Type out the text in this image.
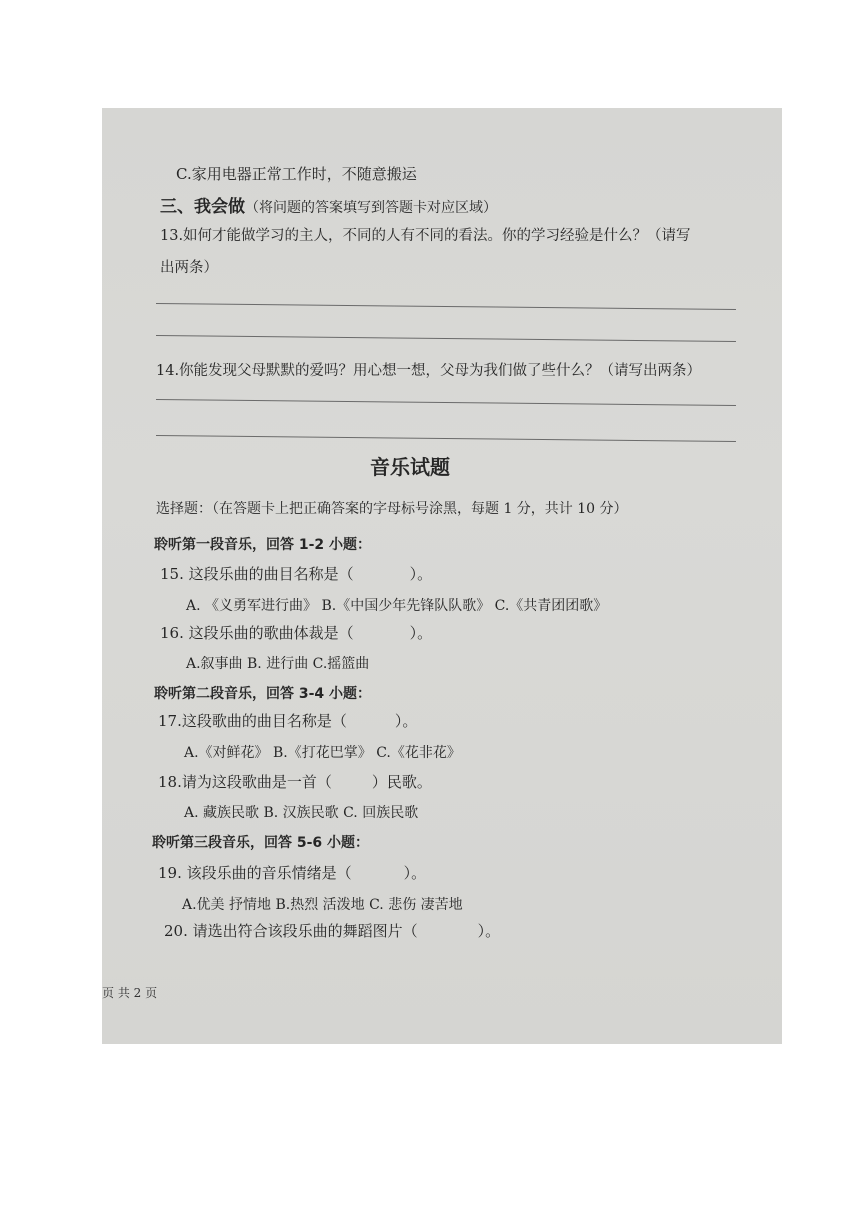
C.家用电器正常工作时，不随意搬运
三、我会做（将问题的答案填写到答题卡对应区域）
13.如何才能做学习的主人，不同的人有不同的看法。你的学习经验是什么？（请写
出两条）
14.你能发现父母默默的爱吗？用心想一想，父母为我们做了些什么？（请写出两条）
音乐试题
选择题：（在答题卡上把正确答案的字母标号涂黑，每题 1 分，共计 10 分）
聆听第一段音乐，回答 1-2 小题：
15. 这段乐曲的曲目名称是（	）。
A. 《义勇军进行曲》 B.《中国少年先锋队队歌》 C.《共青团团歌》
16. 这段乐曲的歌曲体裁是（	）。
A.叙事曲 B. 进行曲 C.摇篮曲
聆听第二段音乐，回答 3-4 小题：
17.这段歌曲的曲目名称是（	）。
A.《对鲜花》 B.《打花巴掌》 C.《花非花》
18.请为这段歌曲是一首（	）民歌。
A. 藏族民歌 B. 汉族民歌 C. 回族民歌
聆听第三段音乐，回答 5-6 小题：
19. 该段乐曲的音乐情绪是（	）。
A.优美 抒情地 B.热烈 活泼地 C. 悲伤 凄苦地
20. 请选出符合该段乐曲的舞蹈图片（	）。
页 共 2 页
